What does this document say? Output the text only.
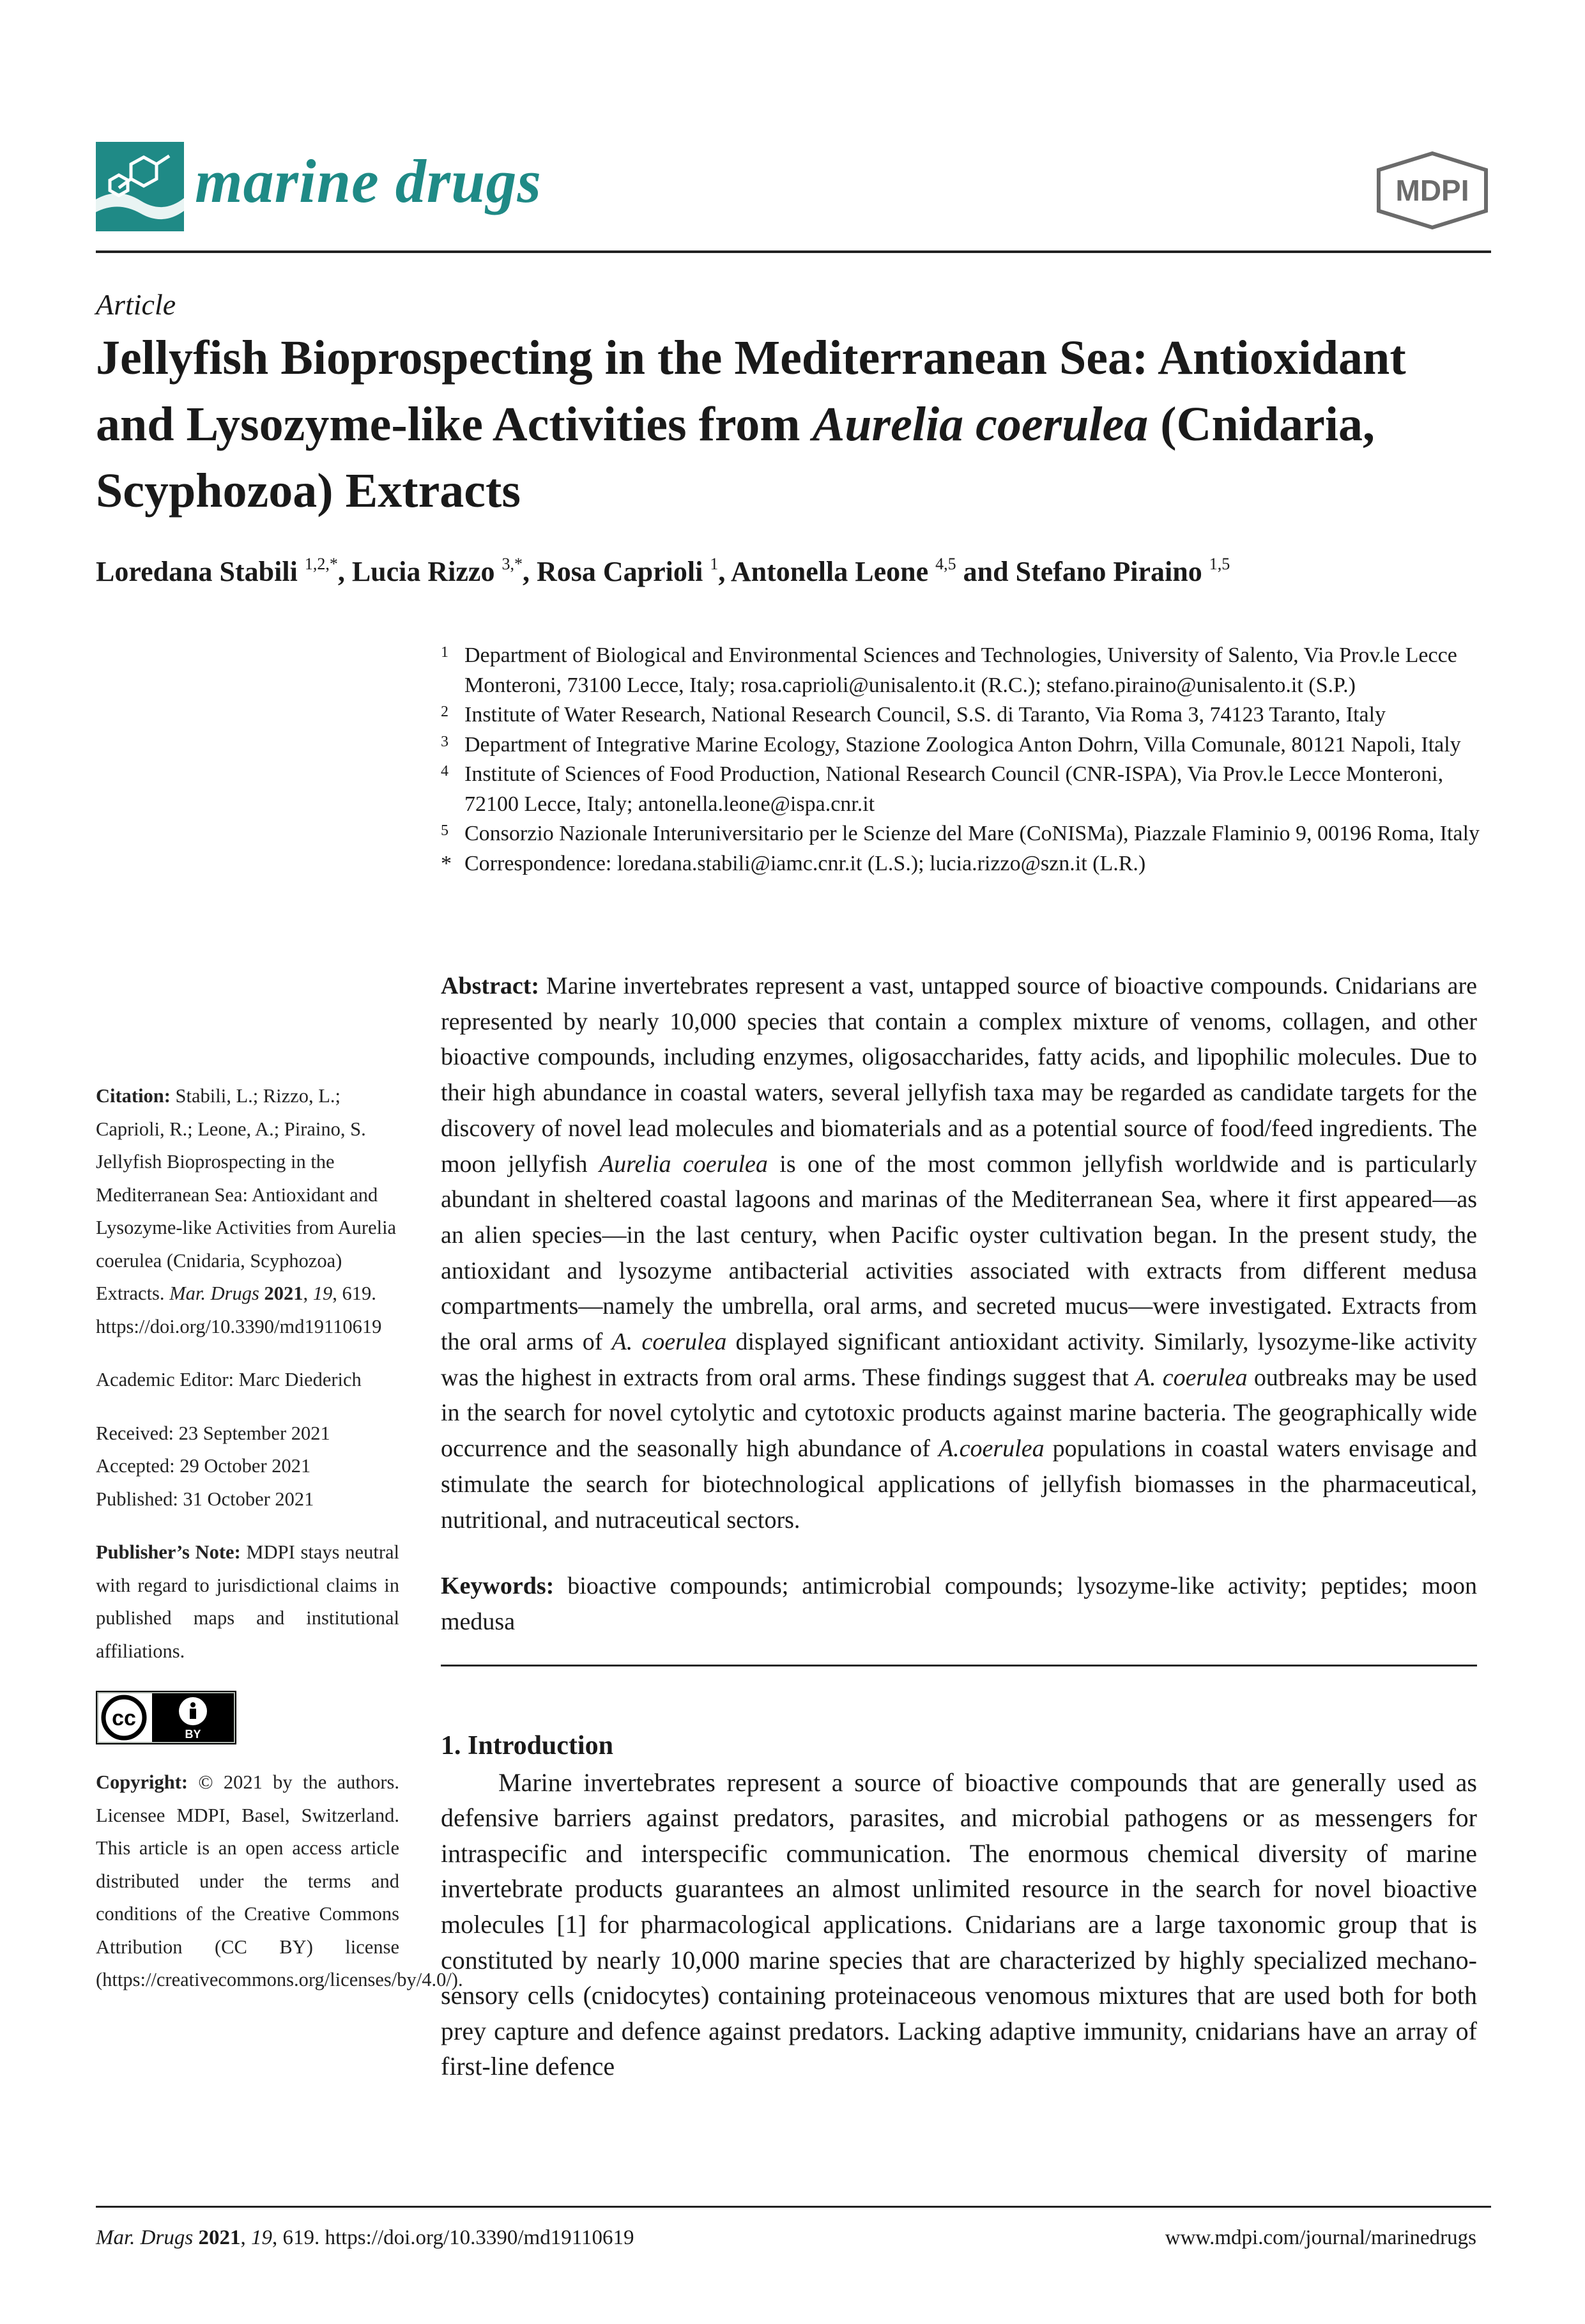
marine drugs	MDPI
Article
Jellyfish Bioprospecting in the Mediterranean Sea: Antioxidant
and Lysozyme-like Activities from Aurelia coerulea (Cnidaria,
Scyphozoa) Extracts
Loredana Stabili $^{1,2,*}$, Lucia Rizzo $^{3,*}$, Rosa Caprioli $^1$, Antonella Leone $^{4,5}$ and Stefano Piraino $^{1,5}$
1 Department of Biological and Environmental Sciences and Technologies, University of Salento, Via Prov.le Lecce Monteroni, 73100 Lecce, Italy; rosa.caprioli@unisalento.it (R.C.); stefano.piraino@unisalento.it (S.P.)
2 Institute of Water Research, National Research Council, S.S. di Taranto, Via Roma 3, 74123 Taranto, Italy
3 Department of Integrative Marine Ecology, Stazione Zoologica Anton Dohrn, Villa Comunale, 80121 Napoli, Italy
4 Institute of Sciences of Food Production, National Research Council (CNR-ISPA), Via Prov.le Lecce Monteroni, 72100 Lecce, Italy; antonella.leone@ispa.cnr.it
5 Consorzio Nazionale Interuniversitario per le Scienze del Mare (CoNISMa), Piazzale Flaminio 9, 00196 Roma, Italy
* Correspondence: loredana.stabili@iamc.cnr.it (L.S.); lucia.rizzo@szn.it (L.R.)
Citation: Stabili, L.; Rizzo, L.; Caprioli, R.; Leone, A.; Piraino, S. Jellyfish Bioprospecting in the Mediterranean Sea: Antioxidant and Lysozyme-like Activities from Aurelia coerulea (Cnidaria, Scyphozoa) Extracts. Mar. Drugs 2021, 19, 619.
https://doi.org/10.3390/md19110619
Academic Editor: Marc Diederich
Received: 23 September 2021
Accepted: 29 October 2021
Published: 31 October 2021
Publisher’s Note: MDPI stays neutral with regard to jurisdictional claims in published maps and institutional affiliations.
cc
BY
Copyright: © 2021 by the authors. Licensee MDPI, Basel, Switzerland. This article is an open access article distributed under the terms and conditions of the Creative Commons Attribution (CC BY) license (https://creativecommons.org/licenses/by/4.0/).

Abstract: Marine invertebrates represent a vast, untapped source of bioactive compounds. Cnidarians are represented by nearly 10,000 species that contain a complex mixture of venoms, collagen, and other bioactive compounds, including enzymes, oligosaccharides, fatty acids, and lipophilic molecules. Due to their high abundance in coastal waters, several jellyfish taxa may be regarded as candidate targets for the discovery of novel lead molecules and biomaterials and as a potential source of food/feed ingredients. The moon jellyfish Aurelia coerulea is one of the most common jellyfish worldwide and is particularly abundant in sheltered coastal lagoons and marinas of the Mediterranean Sea, where it first appeared—as an alien species—in the last century, when Pacific oyster cultivation began. In the present study, the antioxidant and lysozyme antibacterial activities associated with extracts from different medusa compartments—namely the umbrella, oral arms, and secreted mucus—were investigated. Extracts from the oral arms of A. coerulea displayed significant antioxidant activity. Similarly, lysozyme-like activity was the highest in extracts from oral arms. These findings suggest that A. coerulea outbreaks may be used in the search for novel cytolytic and cytotoxic products against marine bacteria. The geographically wide occurrence and the seasonally high abundance of A.coerulea populations in coastal waters envisage and stimulate the search for biotechnological applications of jellyfish biomasses in the pharmaceutical, nutritional, and nutraceutical sectors.

Keywords: bioactive compounds; antimicrobial compounds; lysozyme-like activity; peptides; moon medusa

1. Introduction

Marine invertebrates represent a source of bioactive compounds that are generally used as defensive barriers against predators, parasites, and microbial pathogens or as messengers for intraspecific and interspecific communication. The enormous chemical diversity of marine invertebrate products guarantees an almost unlimited resource in the search for novel bioactive molecules [1] for pharmacological applications. Cnidarians are a large taxonomic group that is constituted by nearly 10,000 marine species that are characterized by highly specialized mechano-sensory cells (cnidocytes) containing proteinaceous venomous mixtures that are used both for both prey capture and defence against predators. Lacking adaptive immunity, cnidarians have an array of first-line defence

Mar. Drugs 2021, 19, 619. https://doi.org/10.3390/md19110619	www.mdpi.com/journal/marinedrugs
